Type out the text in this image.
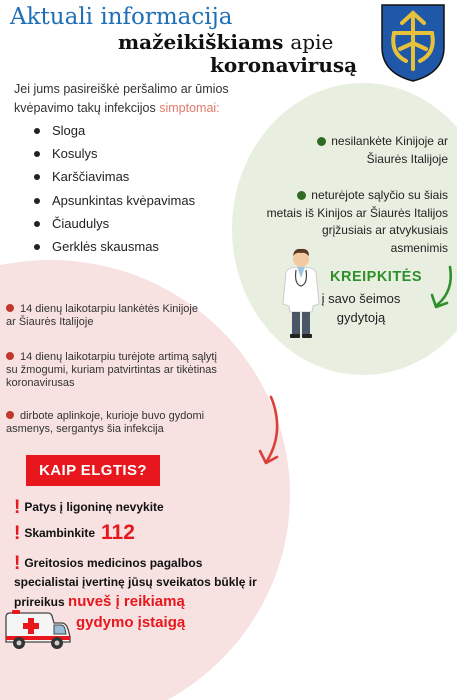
Aktuali informacija
mažeikiškiams apie
koronavirusą
Jei jums pasireiškė peršalimo ar ūmios kvėpavimo takų infekcijos simptomai:
Sloga
Kosulys
Karščiavimas
Apsunkintas kvėpavimas
Čiaudulys
Gerklės skausmas
nesilankėte Kinijoje ar Šiaurės Italijoje
neturėjote sąlyčio su šiais metais iš Kinijos ar Šiaurės Italijos grįžusiais ar atvykusiais asmenimis
KREIPKITĖS
į savo šeimos gydytoją
14 dienų laikotarpiu lankėtės Kinijoje ar Šiaurės Italijoje
14 dienų laikotarpiu turėjote artimą sąlytį su žmogumi, kuriam patvirtintas ar tikėtinas koronavirusas
dirbote aplinkoje, kurioje buvo gydomi asmenys, sergantys šia infekcija
KAIP ELGTIS?
! Patys į ligoninę nevykite
! Skambinkite 112
! Greitosios medicinos pagalbos specialistai įvertinę jūsų sveikatos būklę ir prireikus nuveš į reikiamą
gydymo įstaigą
